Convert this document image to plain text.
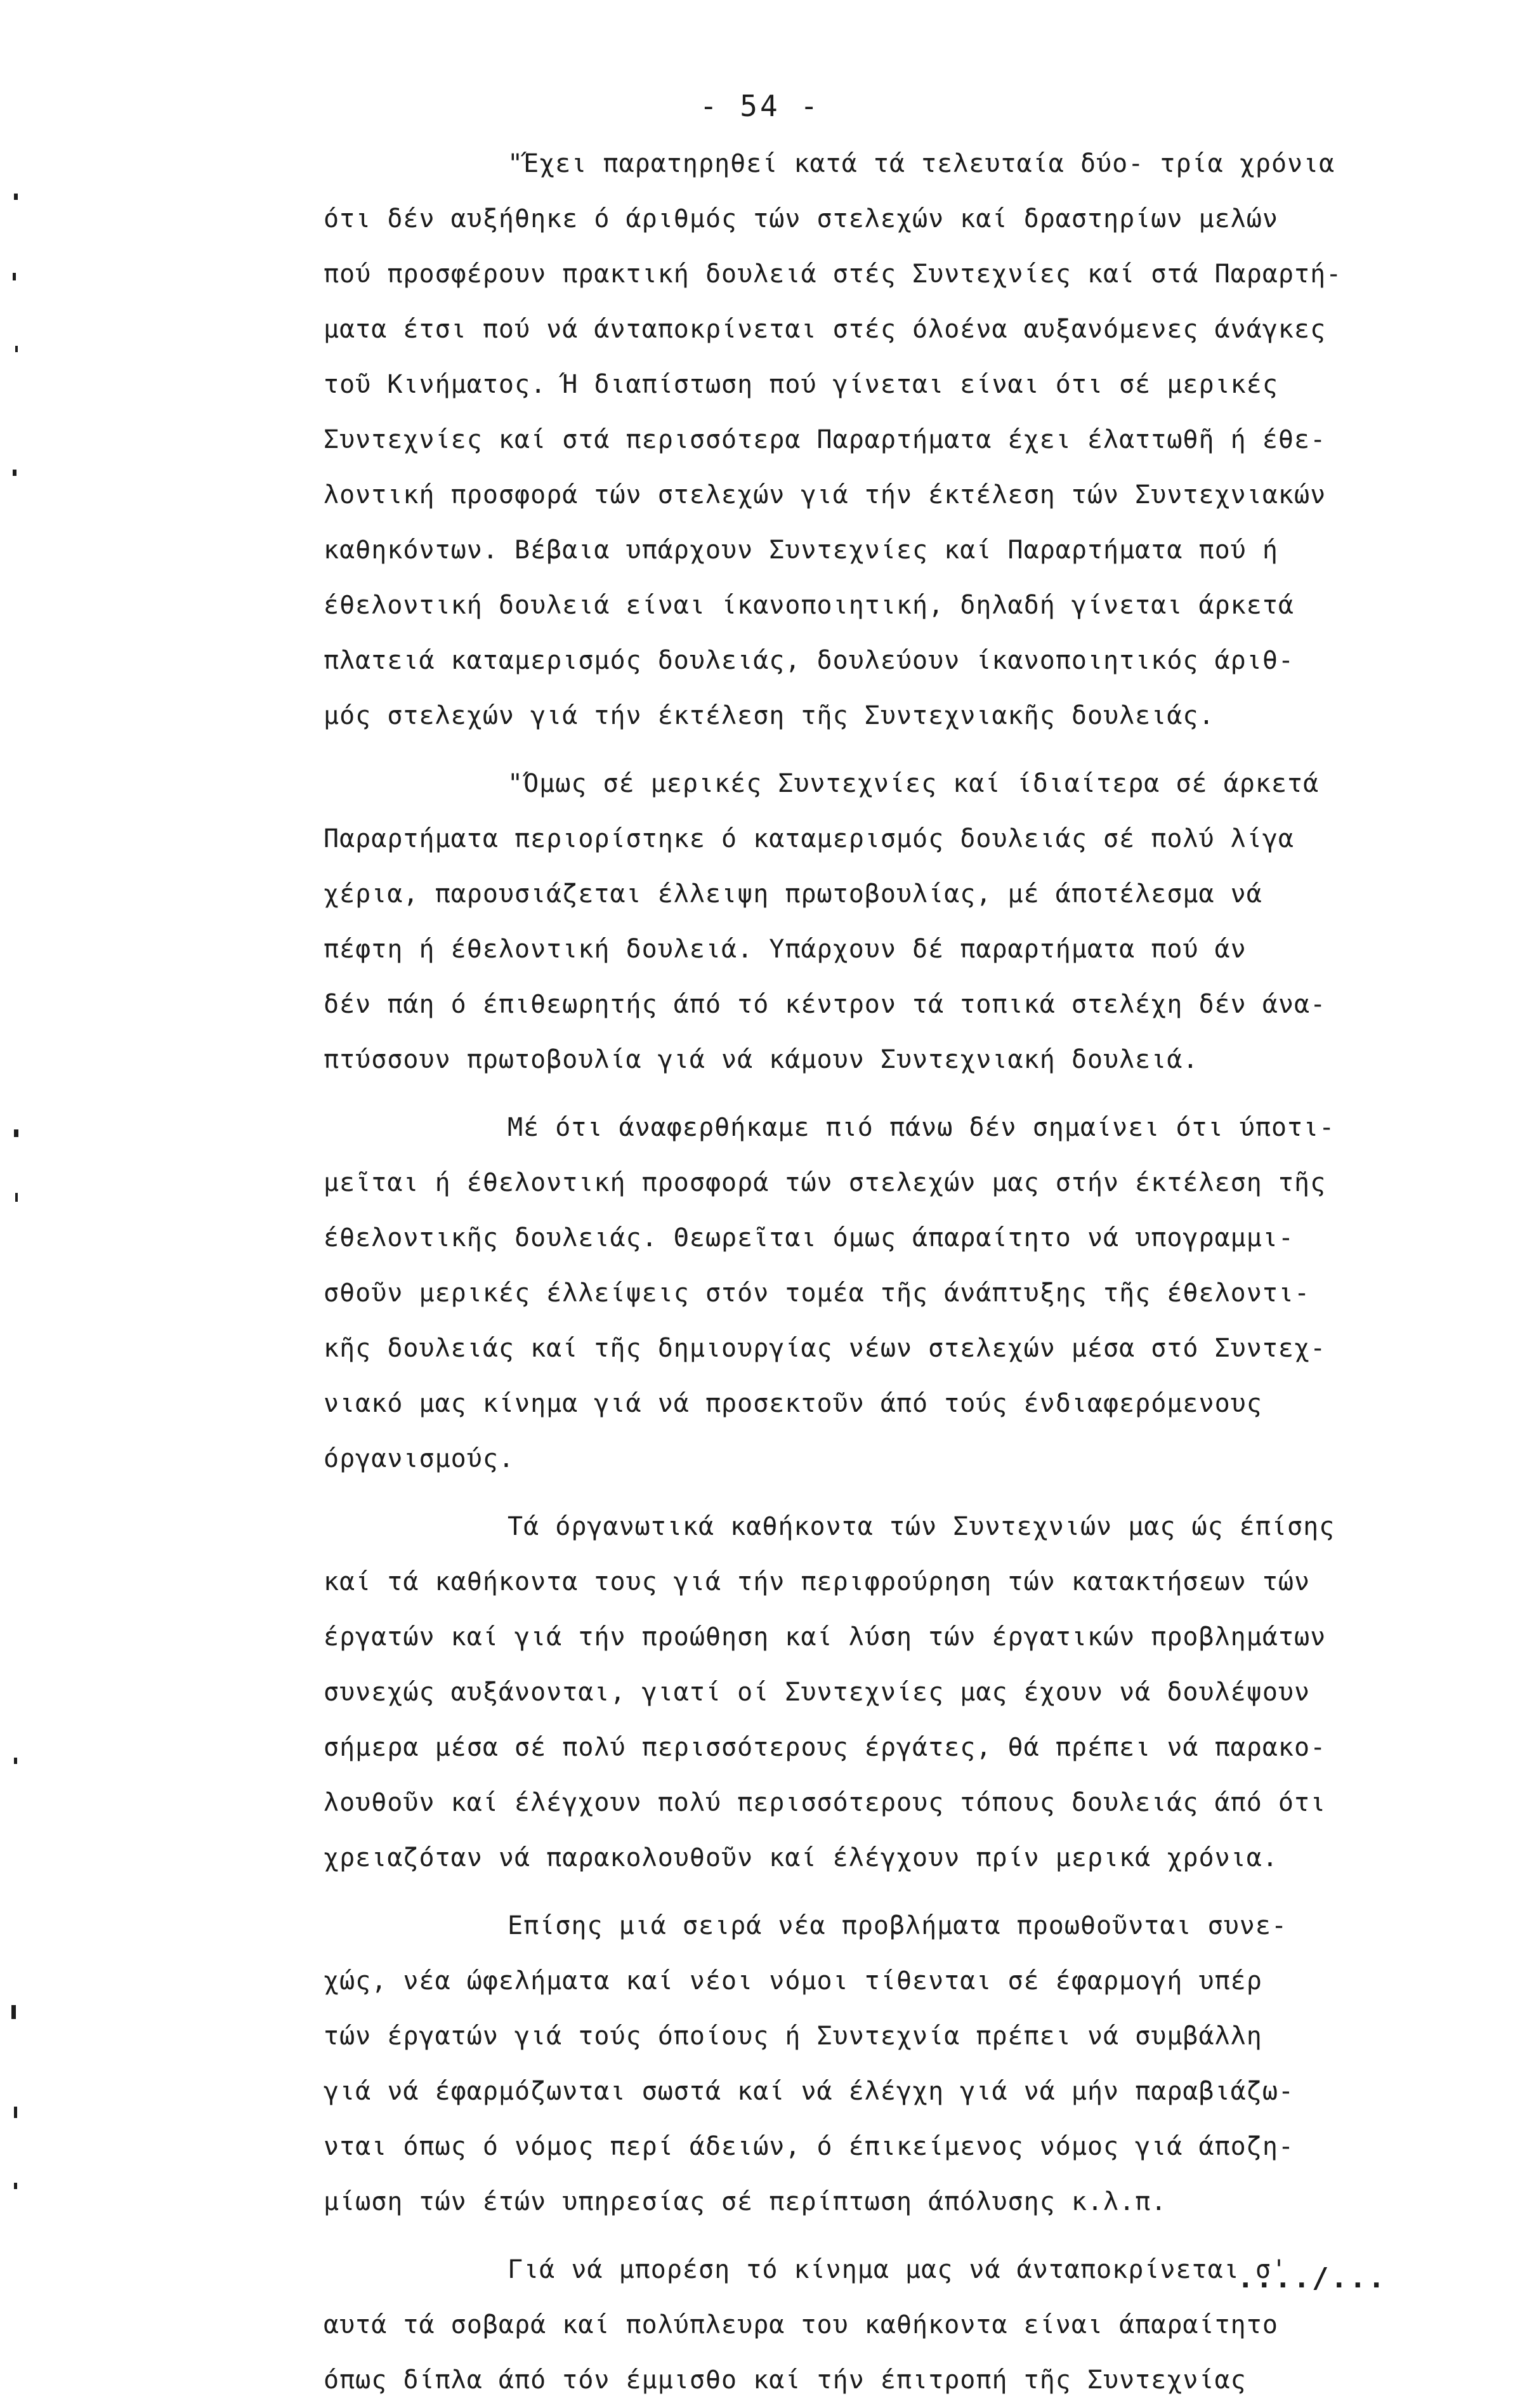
- 54 -
"Έχει παρατηρηθεί κατά τά τελευταία δύο- τρία χρόνια
ότι δέν αυξήθηκε ό άριθμός τών στελεχών καί δραστηρίων μελών
πού προσφέρουν πρακτική δουλειά στές Συντεχνίες καί στά Παραρτή-
ματα έτσι πού νά άνταποκρίνεται στές όλοένα αυξανόμενες άνάγκες
τοῦ Κινήματος. Ή διαπίστωση πού γίνεται είναι ότι σέ μερικές
Συντεχνίες καί στά περισσότερα Παραρτήματα έχει έλαττωθῆ ή έθε-
λοντική προσφορά τών στελεχών γιά τήν έκτέλεση τών Συντεχνιακών
καθηκόντων. Βέβαια υπάρχουν Συντεχνίες καί Παραρτήματα πού ή
έθελοντική δουλειά είναι ίκανοποιητική, δηλαδή γίνεται άρκετά
πλατειά καταμερισμός δουλειάς, δουλεύουν ίκανοποιητικός άριθ-
μός στελεχών γιά τήν έκτέλεση τῆς Συντεχνιακῆς δουλειάς.
"Όμως σέ μερικές Συντεχνίες καί ίδιαίτερα σέ άρκετά
Παραρτήματα περιορίστηκε ό καταμερισμός δουλειάς σέ πολύ λίγα
χέρια, παρουσιάζεται έλλειψη πρωτοβουλίας, μέ άποτέλεσμα νά
πέφτη ή έθελοντική δουλειά. Υπάρχουν δέ παραρτήματα πού άν
δέν πάη ό έπιθεωρητής άπό τό κέντρον τά τοπικά στελέχη δέν άνα-
πτύσσουν πρωτοβουλία γιά νά κάμουν Συντεχνιακή δουλειά.
Μέ ότι άναφερθήκαμε πιό πάνω δέν σημαίνει ότι ύποτι-
μεῖται ή έθελοντική προσφορά τών στελεχών μας στήν έκτέλεση τῆς
έθελοντικῆς δουλειάς. Θεωρεῖται όμως άπαραίτητο νά υπογραμμι-
σθοῦν μερικές έλλείψεις στόν τομέα τῆς άνάπτυξης τῆς έθελοντι-
κῆς δουλειάς καί τῆς δημιουργίας νέων στελεχών μέσα στό Συντεχ-
νιακό μας κίνημα γιά νά προσεκτοῦν άπό τούς ένδιαφερόμενους
όργανισμούς.
Τά όργανωτικά καθήκοντα τών Συντεχνιών μας ώς έπίσης
καί τά καθήκοντα τους γιά τήν περιφρούρηση τών κατακτήσεων τών
έργατών καί γιά τήν προώθηση καί λύση τών έργατικών προβλημάτων
συνεχώς αυξάνονται, γιατί οί Συντεχνίες μας έχουν νά δουλέψουν
σήμερα μέσα σέ πολύ περισσότερους έργάτες, θά πρέπει νά παρακο-
λουθοῦν καί έλέγχουν πολύ περισσότερους τόπους δουλειάς άπό ότι
χρειαζόταν νά παρακολουθοῦν καί έλέγχουν πρίν μερικά χρόνια.
Επίσης μιά σειρά νέα προβλήματα προωθοῦνται συνε-
χώς, νέα ώφελήματα καί νέοι νόμοι τίθενται σέ έφαρμογή υπέρ
τών έργατών γιά τούς όποίους ή Συντεχνία πρέπει νά συμβάλλη
γιά νά έφαρμόζωνται σωστά καί νά έλέγχη γιά νά μήν παραβιάζω-
νται όπως ό νόμος περί άδειών, ό έπικείμενος νόμος γιά άποζη-
μίωση τών έτών υπηρεσίας σέ περίπτωση άπόλυσης κ.λ.π.
Γιά νά μπορέση τό κίνημα μας νά άνταποκρίνεται σ'
αυτά τά σοβαρά καί πολύπλευρα του καθήκοντα είναι άπαραίτητο
όπως δίπλα άπό τόν έμμισθο καί τήν έπιτροπή τῆς Συντεχνίας
..../...
